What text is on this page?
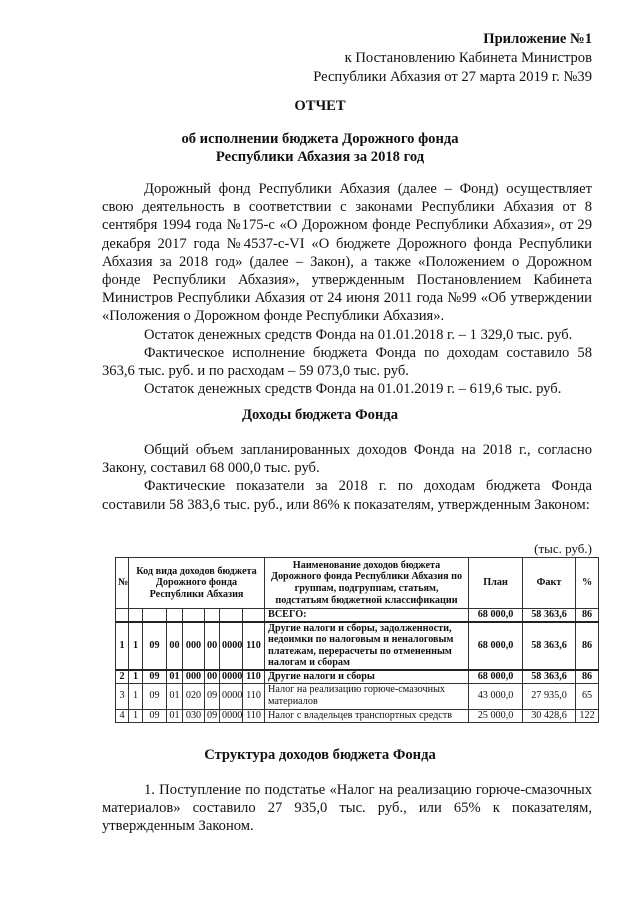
Приложение №1
к Постановлению Кабинета Министров
Республики Абхазия от 27 марта 2019 г. №39
ОТЧЕТ
об исполнении бюджета Дорожного фонда
Республики Абхазия за 2018 год

Дорожный фонд Республики Абхазия (далее – Фонд) осуществляет свою деятельность в соответствии с законами Республики Абхазия от 8 сентября 1994 года №175-с «О Дорожном фонде Республики Абхазия», от 29 декабря 2017 года №4537-с-VI «О бюджете Дорожного фонда Республики Абхазия за 2018 год» (далее – Закон), а также «Положением о Дорожном фонде Республики Абхазия», утвержденным Постановлением Кабинета Министров Республики Абхазия от 24 июня 2011 года №99 «Об утверждении «Положения о Дорожном фонде Республики Абхазия».

Остаток денежных средств Фонда на 01.01.2018 г. – 1 329,0 тыс. руб.

Фактическое исполнение бюджета Фонда по доходам составило 58 363,6 тыс. руб. и по расходам – 59 073,0 тыс. руб.

Остаток денежных средств Фонда на 01.01.2019 г. – 619,6 тыс. руб.

Доходы бюджета Фонда

Общий объем запланированных доходов Фонда на 2018 г., согласно Закону, составил 68 000,0 тыс. руб.

Фактические показатели за 2018 г. по доходам бюджета Фонда составили 58 383,6 тыс. руб., или 86% к показателям, утвержденным Законом:

(тыс. руб.)
№	Код вида доходов бюджета Дорожного фонда Республики Абхазия							Наименование доходов бюджета Дорожного фонда Республики Абхазия по группам, подгруппам, статьям, подстатьям бюджетной классификации	План	Факт	%
								ВСЕГО:	68 000,0	58 363,6	86
1	1	09	00	000	00	0000	110	Другие налоги и сборы, задолженности, недоимки по налоговым и неналоговым платежам, перерасчеты по отмененным налогам и сборам	68 000,0	58 363,6	86
2	1	09	01	000	00	0000	110	Другие налоги и сборы	68 000,0	58 363,6	86
3	1	09	01	020	09	0000	110	Налог на реализацию горюче-смазочных материалов	43 000,0	27 935,0	65
4	1	09	01	030	09	0000	110	Налог с владельцев транспортных средств	25 000,0	30 428,6	122
Структура доходов бюджета Фонда

1. Поступление по подстатье «Налог на реализацию горюче-смазочных материалов» составило 27 935,0 тыс. руб., или 65% к показателям, утвержденным Законом.
